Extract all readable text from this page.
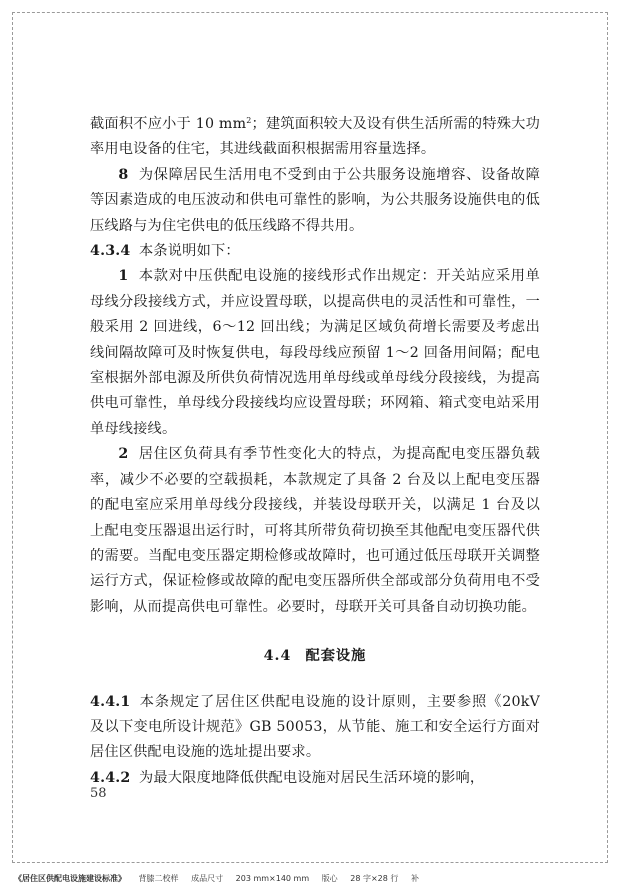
截面积不应小于 10 $mm^2$；建筑面积较大及设有供生活所需的特殊大功率用电设备的住宅，其进线截面积根据需用容量选择。

8 为保障居民生活用电不受到由于公共服务设施增容、设备故障等因素造成的电压波动和供电可靠性的影响，为公共服务设施供电的低压线路与为住宅供电的低压线路不得共用。

4.3.4 本条说明如下：

1 本款对中压供配电设施的接线形式作出规定：开关站应采用单母线分段接线方式，并应设置母联，以提高供电的灵活性和可靠性，一般采用 2 回进线，6～12 回出线；为满足区域负荷增长需要及考虑出线间隔故障可及时恢复供电，每段母线应预留 1～2 回备用间隔；配电室根据外部电源及所供负荷情况选用单母线或单母线分段接线，为提高供电可靠性，单母线分段接线均应设置母联；环网箱、箱式变电站采用单母线接线。

2 居住区负荷具有季节性变化大的特点，为提高配电变压器负载率，减少不必要的空载损耗，本款规定了具备 2 台及以上配电变压器的配电室应采用单母线分段接线，并装设母联开关，以满足 1 台及以上配电变压器退出运行时，可将其所带负荷切换至其他配电变压器代供的需要。当配电变压器定期检修或故障时，也可通过低压母联开关调整运行方式，保证检修或故障的配电变压器所供全部或部分负荷用电不受影响，从而提高供电可靠性。必要时，母联开关可具备自动切换功能。

4.4 配套设施

4.4.1 本条规定了居住区供配电设施的设计原则，主要参照《20kV 及以下变电所设计规范》GB 50053，从节能、施工和安全运行方面对居住区供配电设施的选址提出要求。

4.4.2 为最大限度地降低供配电设施对居民生活环境的影响，

58
《居住区供配电设施建设标准》 背膝二校样 成品尺寸 203 mm×140 mm 版心 28 字×28 行 补
